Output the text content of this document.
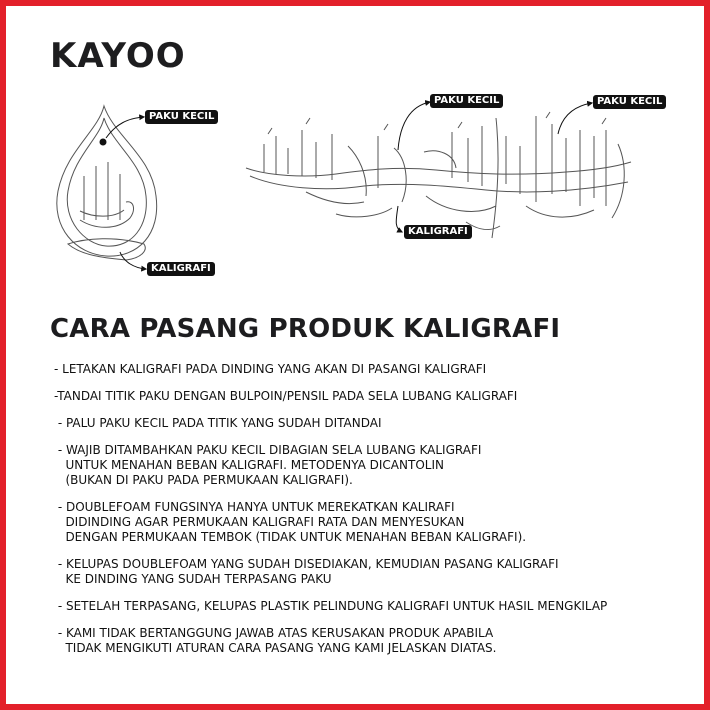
KAYOO
PAKU KECIL
KALIGRAFI
PAKU KECIL	PAKU KECIL
KALIGRAFI
CARA PASANG PRODUK KALIGRAFI
- LETAKAN KALIGRAFI PADA DINDING YANG AKAN DI PASANGI KALIGRAFI
-TANDAI TITIK PAKU DENGAN BULPOIN/PENSIL PADA SELA LUBANG KALIGRAFI
- PALU PAKU KECIL PADA TITIK YANG SUDAH DITANDAI
- WAJIB DITAMBAHKAN PAKU KECIL DIBAGIAN SELA LUBANG KALIGRAFI
UNTUK MENAHAN BEBAN KALIGRAFI. METODENYA DICANTOLIN
(BUKAN DI PAKU PADA PERMUKAAN KALIGRAFI).
- DOUBLEFOAM FUNGSINYA HANYA UNTUK MEREKATKAN KALIRAFI
DIDINDING AGAR PERMUKAAN KALIGRAFI RATA DAN MENYESUKAN
DENGAN PERMUKAAN TEMBOK (TIDAK UNTUK MENAHAN BEBAN KALIGRAFI).
- KELUPAS DOUBLEFOAM YANG SUDAH DISEDIAKAN, KEMUDIAN PASANG KALIGRAFI
KE DINDING YANG SUDAH TERPASANG PAKU
- SETELAH TERPASANG, KELUPAS PLASTIK PELINDUNG KALIGRAFI UNTUK HASIL MENGKILAP
- KAMI TIDAK BERTANGGUNG JAWAB ATAS KERUSAKAN PRODUK APABILA
TIDAK MENGIKUTI ATURAN CARA PASANG YANG KAMI JELASKAN DIATAS.
